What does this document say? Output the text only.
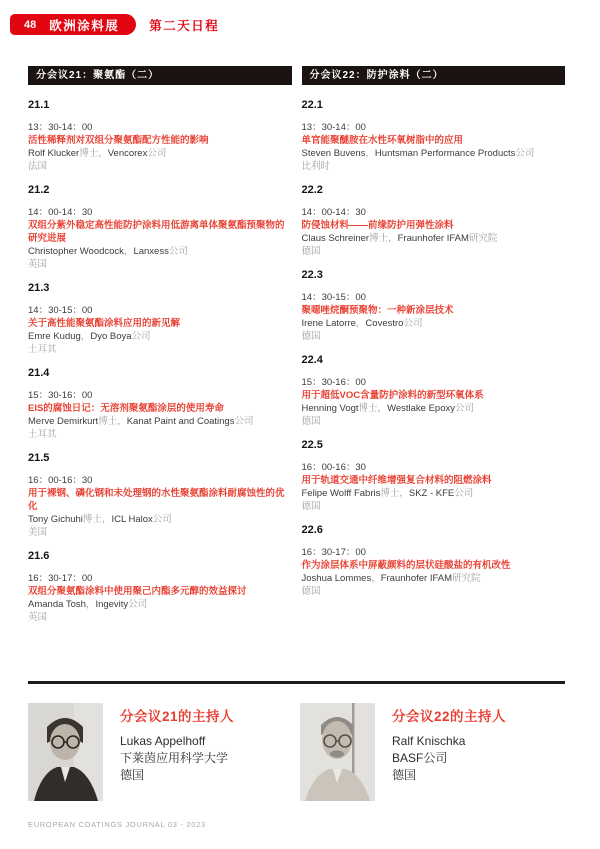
48 欧洲涂料展 第二天日程
分会议21：聚氨酯（二）
21.1
13：30-14：00
活性稀释剂对双组分聚氨酯配方性能的影响
Rolf Klucker博士，Vencorex公司
法国
21.2
14：00-14：30
双组分紫外稳定高性能防护涂料用低游离单体聚氨酯预聚物的研究进展
Christopher Woodcock，Lanxess公司
英国
21.3
14：30-15：00
关于高性能聚氨酯涂料应用的新见解
Emre Kudug，Dyo Boya公司
土耳其
21.4
15：30-16：00
EIS的腐蚀日记：无溶剂聚氨酯涂层的使用寿命
Merve Demirkurt博士，Kanat Paint and Coatings公司
土耳其
21.5
16：00-16：30
用于裸钢、磷化钢和未处理钢的水性聚氨酯涂料耐腐蚀性的优化
Tony Gichuhi博士，ICL Halox公司
美国
21.6
16：30-17：00
双组分聚氨酯涂料中使用聚己内酯多元醇的效益探讨
Amanda Tosh，Ingevity公司
英国
分会议22：防护涂料（二）
22.1
13：30-14：00
单官能聚醚胺在水性环氧树脂中的应用
Steven Buvens，Huntsman Performance Products公司
比利时
22.2
14：00-14：30
防侵蚀材料——前缘防护用弹性涂料
Claus Schreiner博士，Fraunhofer IFAM研究院
德国
22.3
14：30-15：00
聚噁唑烷酮预聚物：一种新涂层技术
Irene Latorre，Covestro公司
德国
22.4
15：30-16：00
用于超低VOC含量防护涂料的新型环氧体系
Henning Vogt博士，Westlake Epoxy公司
德国
22.5
16：00-16：30
用于轨道交通中纤维增强复合材料的阻燃涂料
Felipe Wolff Fabris博士，SKZ - KFE公司
德国
22.6
16：30-17：00
作为涂层体系中屏蔽颜料的层状硅酸盐的有机改性
Joshua Lommes，Fraunhofer IFAM研究院
德国
分会议21的主持人
Lukas Appelhoff
下莱茵应用科学大学
德国
分会议22的主持人
Ralf Knischka
BASF公司
德国
EUROPEAN COATINGS JOURNAL 03 - 2023
